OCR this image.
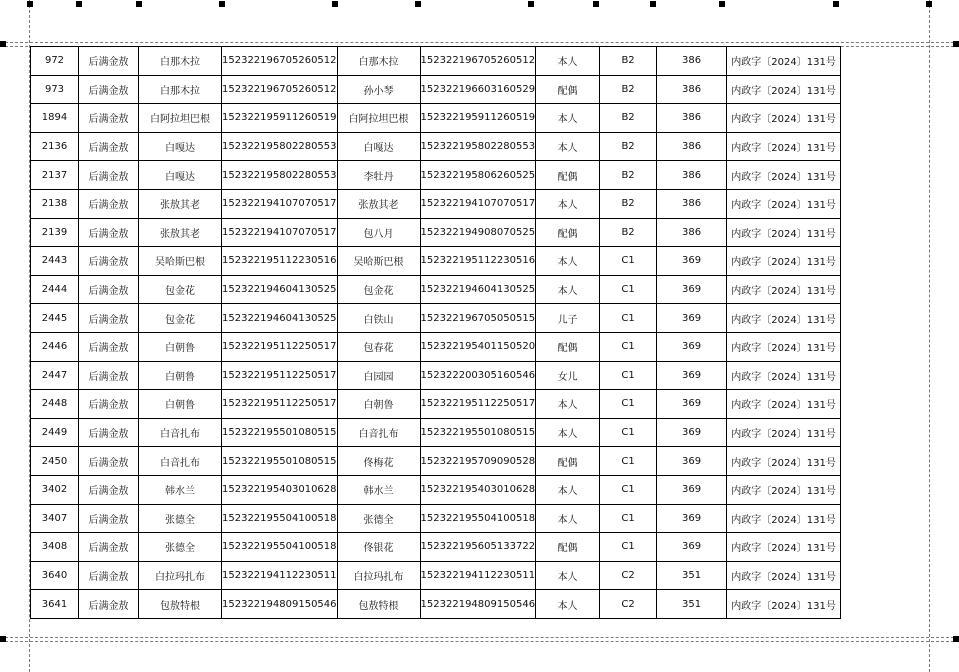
972	后满金敖	白那木拉	152322196705260512	白那木拉	152322196705260512	本人	B2	386	内政字〔2024〕131号
973	后满金敖	白那木拉	152322196705260512	孙小琴	152322196603160529	配偶	B2	386	内政字〔2024〕131号
1894	后满金敖	白阿拉坦巴根	152322195911260519	白阿拉坦巴根	152322195911260519	本人	B2	386	内政字〔2024〕131号
2136	后满金敖	白嘎达	152322195802280553	白嘎达	152322195802280553	本人	B2	386	内政字〔2024〕131号
2137	后满金敖	白嘎达	152322195802280553	李牡丹	152322195806260525	配偶	B2	386	内政字〔2024〕131号
2138	后满金敖	张敖其老	152322194107070517	张敖其老	152322194107070517	本人	B2	386	内政字〔2024〕131号
2139	后满金敖	张敖其老	152322194107070517	包八月	152322194908070525	配偶	B2	386	内政字〔2024〕131号
2443	后满金敖	吴哈斯巴根	152322195112230516	吴哈斯巴根	152322195112230516	本人	C1	369	内政字〔2024〕131号
2444	后满金敖	包金花	152322194604130525	包金花	152322194604130525	本人	C1	369	内政字〔2024〕131号
2445	后满金敖	包金花	152322194604130525	白铁山	152322196705050515	儿子	C1	369	内政字〔2024〕131号
2446	后满金敖	白朝鲁	152322195112250517	包春花	152322195401150520	配偶	C1	369	内政字〔2024〕131号
2447	后满金敖	白朝鲁	152322195112250517	白园园	152322200305160546	女儿	C1	369	内政字〔2024〕131号
2448	后满金敖	白朝鲁	152322195112250517	白朝鲁	152322195112250517	本人	C1	369	内政字〔2024〕131号
2449	后满金敖	白音扎布	152322195501080515	白音扎布	152322195501080515	本人	C1	369	内政字〔2024〕131号
2450	后满金敖	白音扎布	152322195501080515	佟梅花	152322195709090528	配偶	C1	369	内政字〔2024〕131号
3402	后满金敖	韩水兰	152322195403010628	韩水兰	152322195403010628	本人	C1	369	内政字〔2024〕131号
3407	后满金敖	张德全	152322195504100518	张德全	152322195504100518	本人	C1	369	内政字〔2024〕131号
3408	后满金敖	张德全	152322195504100518	佟银花	152322195605133722	配偶	C1	369	内政字〔2024〕131号
3640	后满金敖	白拉玛扎布	152322194112230511	白拉玛扎布	152322194112230511	本人	C2	351	内政字〔2024〕131号
3641	后满金敖	包敖特根	152322194809150546	包敖特根	152322194809150546	本人	C2	351	内政字〔2024〕131号
